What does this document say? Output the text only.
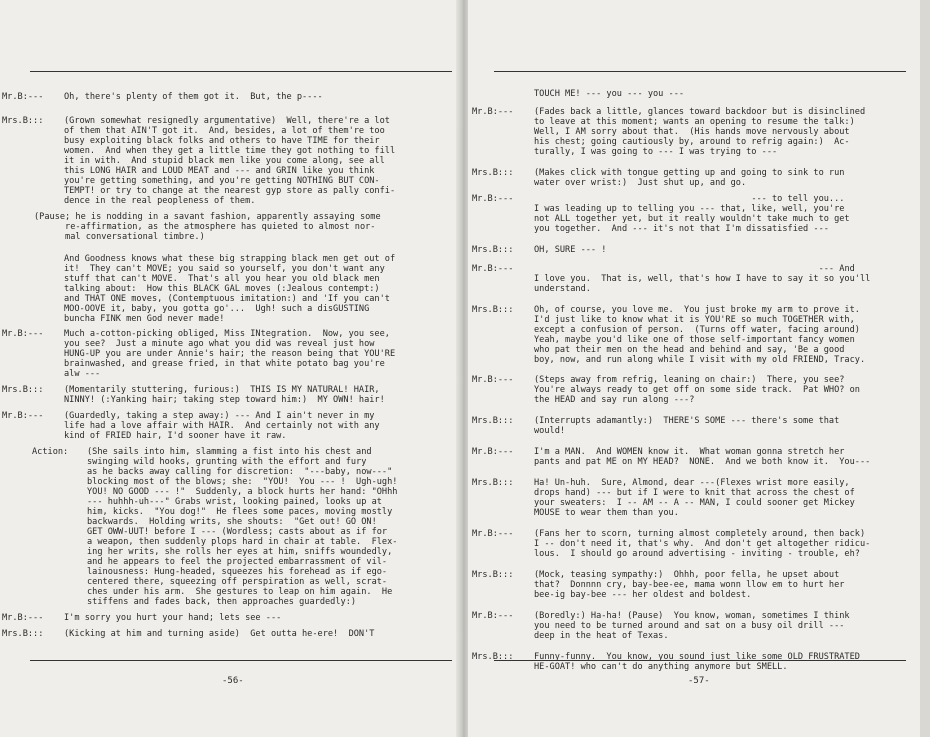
Mr.B:---	Oh, there's plenty of them got it.  But, the p----
Mrs.B:::	(Grown somewhat resignedly argumentative)  Well, there're a lot
of them that AIN'T got it.  And, besides, a lot of them're too
busy exploiting black folks and others to have TIME for their
women.  And when they get a little time they got nothing to fill
it in with.  And stupid black men like you come along, see all
this LONG HAIR and LOUD MEAT and --- and GRIN like you think
you're getting something, and you're getting NOTHING BUT CON-
TEMPT! or try to change at the nearest gyp store as pally confi-
dence in the real peopleness of them.
(Pause; he is nodding in a savant fashion, apparently assaying some
re-affirmation, as the atmosphere has quieted to almost nor-
mal conversational timbre.)
And Goodness knows what these big strapping black men get out of
it!  They can't MOVE; you said so yourself, you don't want any
stuff that can't MOVE.  That's all you hear you old black men
talking about:  How this BLACK GAL moves (:Jealous contempt:)
and THAT ONE moves, (Contemptuous imitation:) and 'If you can't
MOO-OOVE it, baby, you gotta go'...  Ugh! such a disGUSTING
buncha FINK men God never made!
Mr.B:---	Much a-cotton-picking obliged, Miss INtegration.  Now, you see,
you see?  Just a minute ago what you did was reveal just how
HUNG-UP you are under Annie's hair; the reason being that YOU'RE
brainwashed, and grease fried, in that white potato bag you're
alw ---
Mrs.B:::	(Momentarily stuttering, furious:)  THIS IS MY NATURAL! HAIR,
NINNY! (:Yanking hair; taking step toward him:)  MY OWN! hair!
Mr.B:---	(Guardedly, taking a step away:) --- And I ain't never in my
life had a love affair with HAIR.  And certainly not with any
kind of FRIED hair, I'd sooner have it raw.
Action:	(She sails into him, slamming a fist into his chest and
swinging wild hooks, grunting with the effort and fury
as he backs away calling for discretion:  "---baby, now---"
blocking most of the blows; she:  "YOU!  You --- !  Ugh-ugh!
YOU! NO GOOD --- !"  Suddenly, a block hurts her hand: "OHhh
--- huhhh-uh---" Grabs wrist, looking pained, looks up at
him, kicks.  "You dog!"  He flees some paces, moving mostly
backwards.  Holding writs, she shouts:  "Get out! GO ON!
GET OWW-UUT! before I --- (Wordless; casts about as if for
a weapon, then suddenly plops hard in chair at table.  Flex-
ing her writs, she rolls her eyes at him, sniffs woundedly,
and he appears to feel the projected embarrassment of vil-
lainousness: Hung-headed, squeezes his forehead as if ego-
centered there, squeezing off perspiration as well, scrat-
ches under his arm.  She gestures to leap on him again.  He
stiffens and fades back, then approaches guardedly:)
Mr.B:---	I'm sorry you hurt your hand; lets see ---
Mrs.B:::	(Kicking at him and turning aside)  Get outta he-ere!  DON'T
-56-
TOUCH ME! --- you --- you ---
Mr.B:---	(Fades back a little, glances toward backdoor but is disinclined
to leave at this moment; wants an opening to resume the talk:)
Well, I AM sorry about that.  (His hands move nervously about
his chest; going cautiously by, around to refrig again:)  Ac-
turally, I was going to --- I was trying to ---
Mrs.B:::	(Makes click with tongue getting up and going to sink to run
water over wrist:)  Just shut up, and go.
Mr.B:---	--- to tell you...
I was leading up to telling you --- that, like, well, you're
not ALL together yet, but it really wouldn't take much to get
you together.  And --- it's not that I'm dissatisfied ---
Mrs.B:::	OH, SURE --- !
Mr.B:---	--- And
I love you.  That is, well, that's how I have to say it so you'll
understand.
Mrs.B:::	Oh, of course, you love me.  You just broke my arm to prove it.
I'd just like to know what it is YOU'RE so much TOGETHER with,
except a confusion of person.  (Turns off water, facing around)
Yeah, maybe you'd like one of those self-important fancy women
who pat their men on the head and behind and say, 'Be a good
boy, now, and run along while I visit with my old FRIEND, Tracy.
Mr.B:---	(Steps away from refrig, leaning on chair:)  There, you see?
You're always ready to get off on some side track.  Pat WHO? on
the HEAD and say run along ---?
Mrs.B:::	(Interrupts adamantly:)  THERE'S SOME --- there's some that
would!
Mr.B:---	I'm a MAN.  And WOMEN know it.  What woman gonna stretch her
pants and pat ME on MY HEAD?  NONE.  And we both know it.  You---
Mrs.B:::	Ha! Un-huh.  Sure, Almond, dear ---(Flexes wrist more easily,
drops hand) --- but if I were to knit that across the chest of
your sweaters:  I -- AM -- A -- MAN, I could sooner get Mickey
MOUSE to wear them than you.
Mr.B:---	(Fans her to scorn, turning almost completely around, then back)
I -- don't need it, that's why.  And don't get altogether ridicu-
lous.  I should go around advertising - inviting - trouble, eh?
Mrs.B:::	(Mock, teasing sympathy:)  Ohhh, poor fella, he upset about
that?  Donnnn cry, bay-bee-ee, mama wonn llow em to hurt her
bee-ig bay-bee --- her oldest and boldest.
Mr.B:---	(Boredly:) Ha-ha! (Pause)  You know, woman, sometimes I think
you need to be turned around and sat on a busy oil drill ---
deep in the heat of Texas.
Mrs.B:::	Funny-funny.  You know, you sound just like some OLD FRUSTRATED
HE-GOAT! who can't do anything anymore but SMELL.
-57-
